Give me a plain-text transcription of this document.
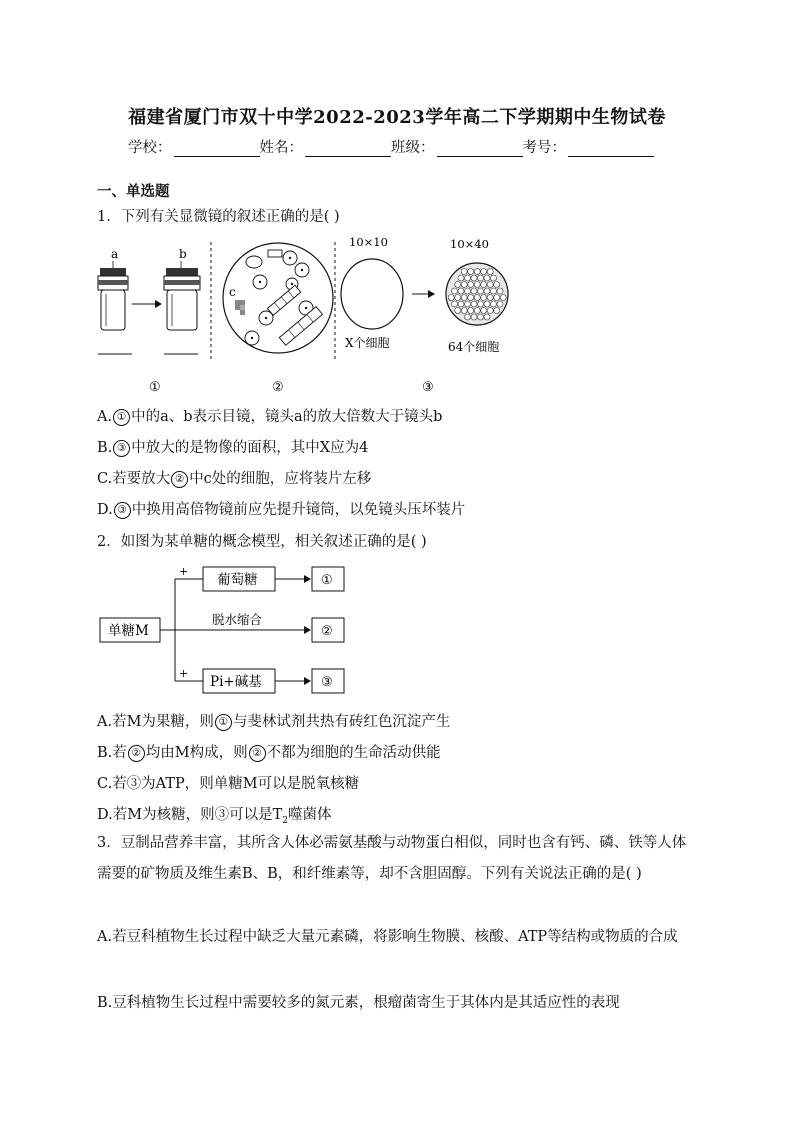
福建省厦门市双十中学2022-2023学年高二下学期期中生物试卷
学校：	姓名：	班级：	考号：
一、单选题
1．下列有关显微镜的叙述正确的是( )
a	b
c
10×10
X个细胞
10×40
64个细胞
①	②	③
A. ① 中的a、b表示目镜，镜头a的放大倍数大于镜头b
B. ③ 中放大的是物像的面积，其中X应为4
C.若要放大 ② 中c处的细胞，应将装片左移
D. ③ 中换用高倍物镜前应先提升镜筒，以免镜头压坏装片
2．如图为某单糖的概念模型，相关叙述正确的是( )
单糖M
+
+
葡萄糖
Pi+碱基
脱水缩合
①
②
③
A.若M为果糖，则 ① 与斐林试剂共热有砖红色沉淀产生
B.若 ② 均由M构成，则 ② 不都为细胞的生命活动供能
C.若③为ATP，则单糖M可以是脱氧核糖
D.若M为核糖，则③可以是$T_2$噬菌体
3．豆制品营养丰富，其所含人体必需氨基酸与动物蛋白相似，同时也含有钙、磷、铁等人体需要的矿物质及维生素B、B，和纤维素等，却不含胆固醇。下列有关说法正确的是( )
A.若豆科植物生长过程中缺乏大量元素磷，将影响生物膜、核酸、ATP等结构或物质的合成
B.豆科植物生长过程中需要较多的氮元素，根瘤菌寄生于其体内是其适应性的表现
